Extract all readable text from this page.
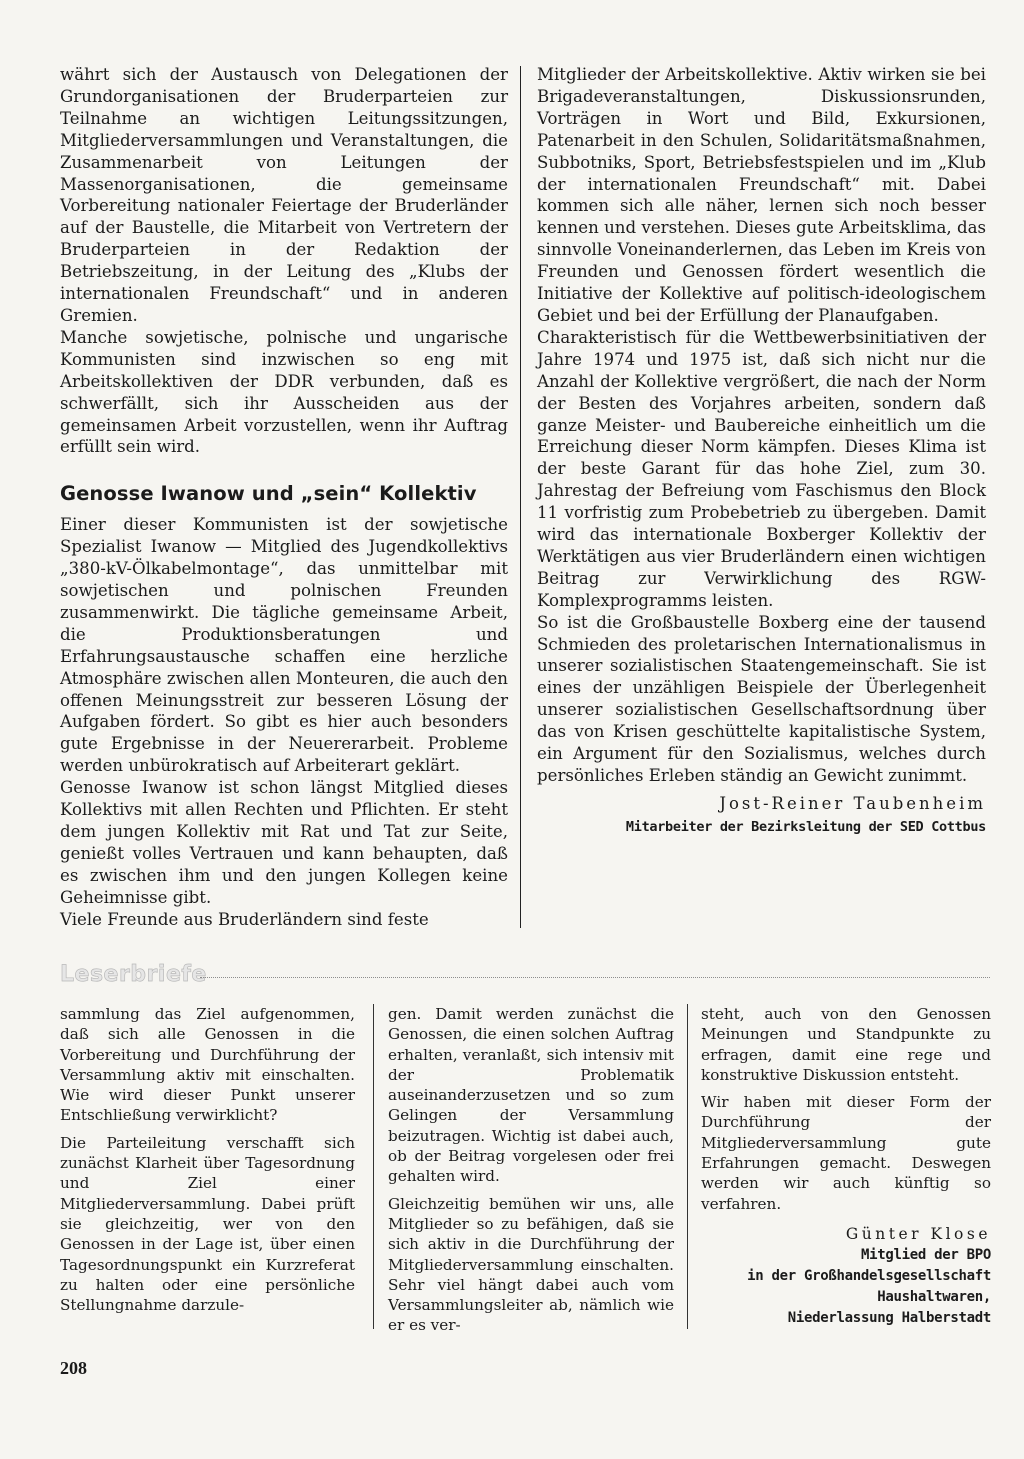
währt sich der Austausch von Delegationen der Grundorganisationen der Bruderparteien zur Teilnahme an wichtigen Leitungssitzungen, Mitgliederversammlungen und Veranstaltungen, die Zusammenarbeit von Leitungen der Massenorganisationen, die gemeinsame Vorbereitung nationaler Feiertage der Bruderländer auf der Baustelle, die Mitarbeit von Vertretern der Bruderparteien in der Redaktion der Betriebszeitung, in der Leitung des „Klubs der internationalen Freundschaft“ und in anderen Gremien.

Manche sowjetische, polnische und ungarische Kommunisten sind inzwischen so eng mit Arbeitskollektiven der DDR verbunden, daß es schwerfällt, sich ihr Ausscheiden aus der gemeinsamen Arbeit vorzustellen, wenn ihr Auftrag erfüllt sein wird.

Genosse Iwanow und „sein“ Kollektiv

Einer dieser Kommunisten ist der sowjetische Spezialist Iwanow — Mitglied des Jugendkollektivs „380-kV-Ölkabelmontage“, das unmittelbar mit sowjetischen und polnischen Freunden zusammenwirkt. Die tägliche gemeinsame Arbeit, die Produktionsberatungen und Erfahrungsaustausche schaffen eine herzliche Atmosphäre zwischen allen Monteuren, die auch den offenen Meinungsstreit zur besseren Lösung der Aufgaben fördert. So gibt es hier auch besonders gute Ergebnisse in der Neuererarbeit. Probleme werden unbürokratisch auf Arbeiterart geklärt.

Genosse Iwanow ist schon längst Mitglied dieses Kollektivs mit allen Rechten und Pflichten. Er steht dem jungen Kollektiv mit Rat und Tat zur Seite, genießt volles Vertrauen und kann behaupten, daß es zwischen ihm und den jungen Kollegen keine Geheimnisse gibt.

Viele Freunde aus Bruderländern sind feste

Mitglieder der Arbeitskollektive. Aktiv wirken sie bei Brigadeveranstaltungen, Diskussionsrunden, Vorträgen in Wort und Bild, Exkursionen, Patenarbeit in den Schulen, Solidaritätsmaßnahmen, Subbotniks, Sport, Betriebsfestspielen und im „Klub der internationalen Freundschaft“ mit. Dabei kommen sich alle näher, lernen sich noch besser kennen und verstehen. Dieses gute Arbeitsklima, das sinnvolle Voneinanderlernen, das Leben im Kreis von Freunden und Genossen fördert wesentlich die Initiative der Kollektive auf politisch-ideologischem Gebiet und bei der Erfüllung der Planaufgaben.

Charakteristisch für die Wettbewerbsinitiativen der Jahre 1974 und 1975 ist, daß sich nicht nur die Anzahl der Kollektive vergrößert, die nach der Norm der Besten des Vorjahres arbeiten, sondern daß ganze Meister- und Baubereiche einheitlich um die Erreichung dieser Norm kämpfen. Dieses Klima ist der beste Garant für das hohe Ziel, zum 30. Jahrestag der Befreiung vom Faschismus den Block 11 vorfristig zum Probebetrieb zu übergeben. Damit wird das internationale Boxberger Kollektiv der Werktätigen aus vier Bruderländern einen wichtigen Beitrag zur Verwirklichung des RGW-Komplexprogramms leisten.

So ist die Großbaustelle Boxberg eine der tausend Schmieden des proletarischen Internationalismus in unserer sozialistischen Staatengemeinschaft. Sie ist eines der unzähligen Beispiele der Überlegenheit unserer sozialistischen Gesellschaftsordnung über das von Krisen geschüttelte kapitalistische System, ein Argument für den Sozialismus, welches durch persönliches Erleben ständig an Gewicht zunimmt.

Jost-Reiner Taubenheim
Mitarbeiter der Bezirksleitung der SED Cottbus
Leserbriefe

sammlung das Ziel aufgenommen, daß sich alle Genossen in die Vorbereitung und Durchführung der Versammlung aktiv mit einschalten. Wie wird dieser Punkt unserer Entschließung verwirklicht?

Die Parteileitung verschafft sich zunächst Klarheit über Tagesordnung und Ziel einer Mitgliederversammlung. Dabei prüft sie gleichzeitig, wer von den Genossen in der Lage ist, über einen Tagesordnungspunkt ein Kurzreferat zu halten oder eine persönliche Stellungnahme darzule-

gen. Damit werden zunächst die Genossen, die einen solchen Auftrag erhalten, veranlaßt, sich intensiv mit der Problematik auseinanderzusetzen und so zum Gelingen der Versammlung beizutragen. Wichtig ist dabei auch, ob der Beitrag vorgelesen oder frei gehalten wird.

Gleichzeitig bemühen wir uns, alle Mitglieder so zu befähigen, daß sie sich aktiv in die Durchführung der Mitgliederversammlung einschalten. Sehr viel hängt dabei auch vom Versammlungsleiter ab, nämlich wie er es ver-

steht, auch von den Genossen Meinungen und Standpunkte zu erfragen, damit eine rege und konstruktive Diskussion entsteht.

Wir haben mit dieser Form der Durchführung der Mitgliederversammlung gute Erfahrungen gemacht. Deswegen werden wir auch künftig so verfahren.

Günter Klose
Mitglied der BPO
in der Großhandelsgesellschaft
Haushaltwaren,
Niederlassung Halberstadt
208
